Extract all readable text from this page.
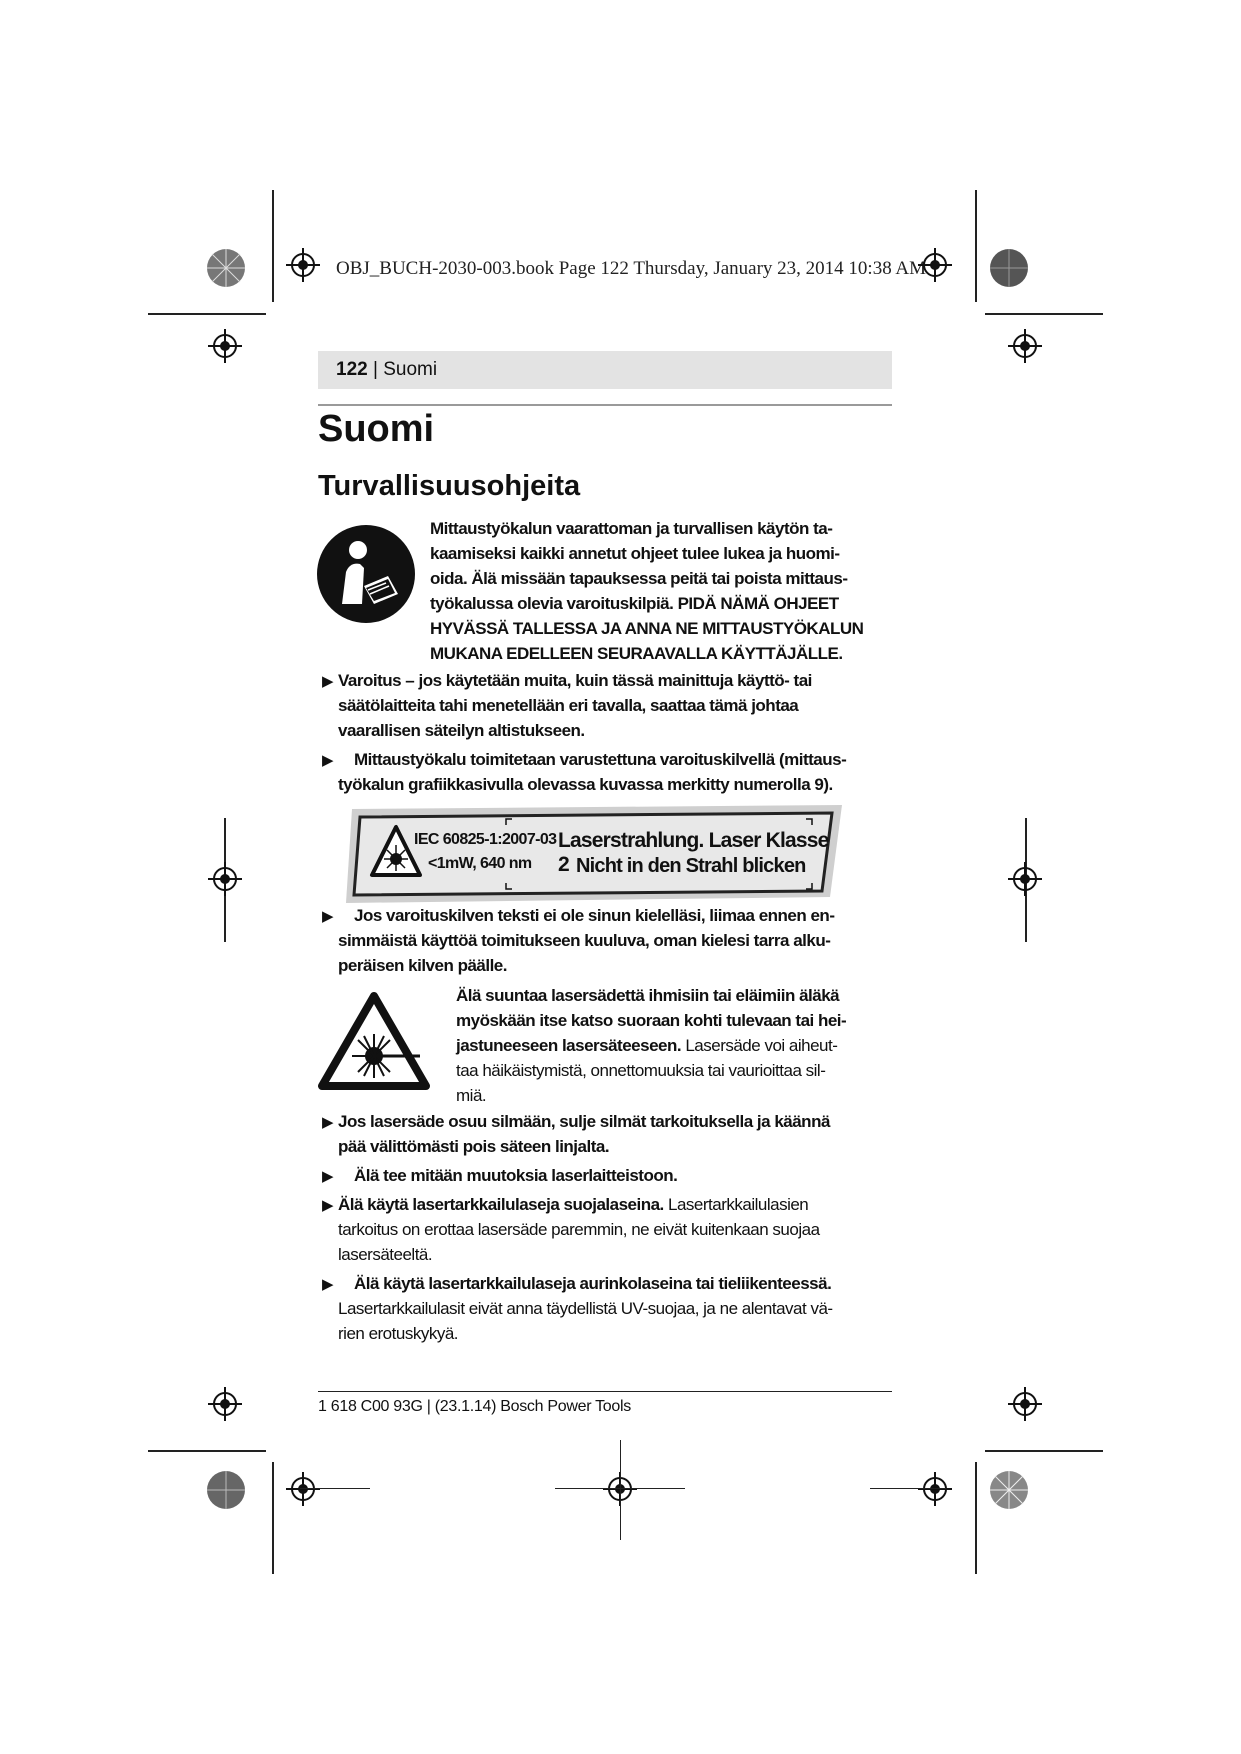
OBJ_BUCH-2030-003.book Page 122 Thursday, January 23, 2014 10:38 AM
122 | Suomi
Suomi
Turvallisuusohjeita
Mittaustyökalun vaarattoman ja turvallisen käytön ta-
kaamiseksi kaikki annetut ohjeet tulee lukea ja huomi-
oida. Älä missään tapauksessa peitä tai poista mittaus-
työkalussa olevia varoituskilpiä. PIDÄ NÄMÄ OHJEET
HYVÄSSÄ TALLESSA JA ANNA NE MITTAUSTYÖKALUN
MUKANA EDELLEEN SEURAAVALLA KÄYTTÄJÄLLE.
▶ Varoitus – jos käytetään muita, kuin tässä mainittuja käyttö- tai
säätölaitteita tahi menetellään eri tavalla, saattaa tämä johtaa
vaarallisen säteilyn altistukseen.
▶	Mittaustyökalu toimitetaan varustettuna varoituskilvellä (mittaus-
työkalun grafiikkasivulla olevassa kuvassa merkitty numerolla 9).
IEC 60825-1:2007-03
<1mW, 640 nm
Laserstrahlung. Laser Klasse 2 Nicht in den Strahl blicken
▶	Jos varoituskilven teksti ei ole sinun kielelläsi, liimaa ennen en-
simmäistä käyttöä toimitukseen kuuluva, oman kielesi tarra alku-
peräisen kilven päälle.
Älä suuntaa lasersädettä ihmisiin tai eläimiin äläkä
myöskään itse katso suoraan kohti tulevaan tai hei-
jastuneeseen lasersäteeseen. Lasersäde voi aiheut-
taa häikäistymistä, onnettomuuksia tai vaurioittaa sil-
miä.
▶ Jos lasersäde osuu silmään, sulje silmät tarkoituksella ja käännä
pää välittömästi pois säteen linjalta.
▶ Älä tee mitään muutoksia laserlaitteistoon.
▶ Älä käytä lasertarkkailulaseja suojalaseina. Lasertarkkailulasien
tarkoitus on erottaa lasersäde paremmin, ne eivät kuitenkaan suojaa
lasersäteeltä.
▶	Älä käytä lasertarkkailulaseja aurinkolaseina tai tieliikenteessä.
Lasertarkkailulasit eivät anna täydellistä UV-suojaa, ja ne alentavat vä-
rien erotuskykyä.
1 618 C00 93G | (23.1.14) Bosch Power Tools
